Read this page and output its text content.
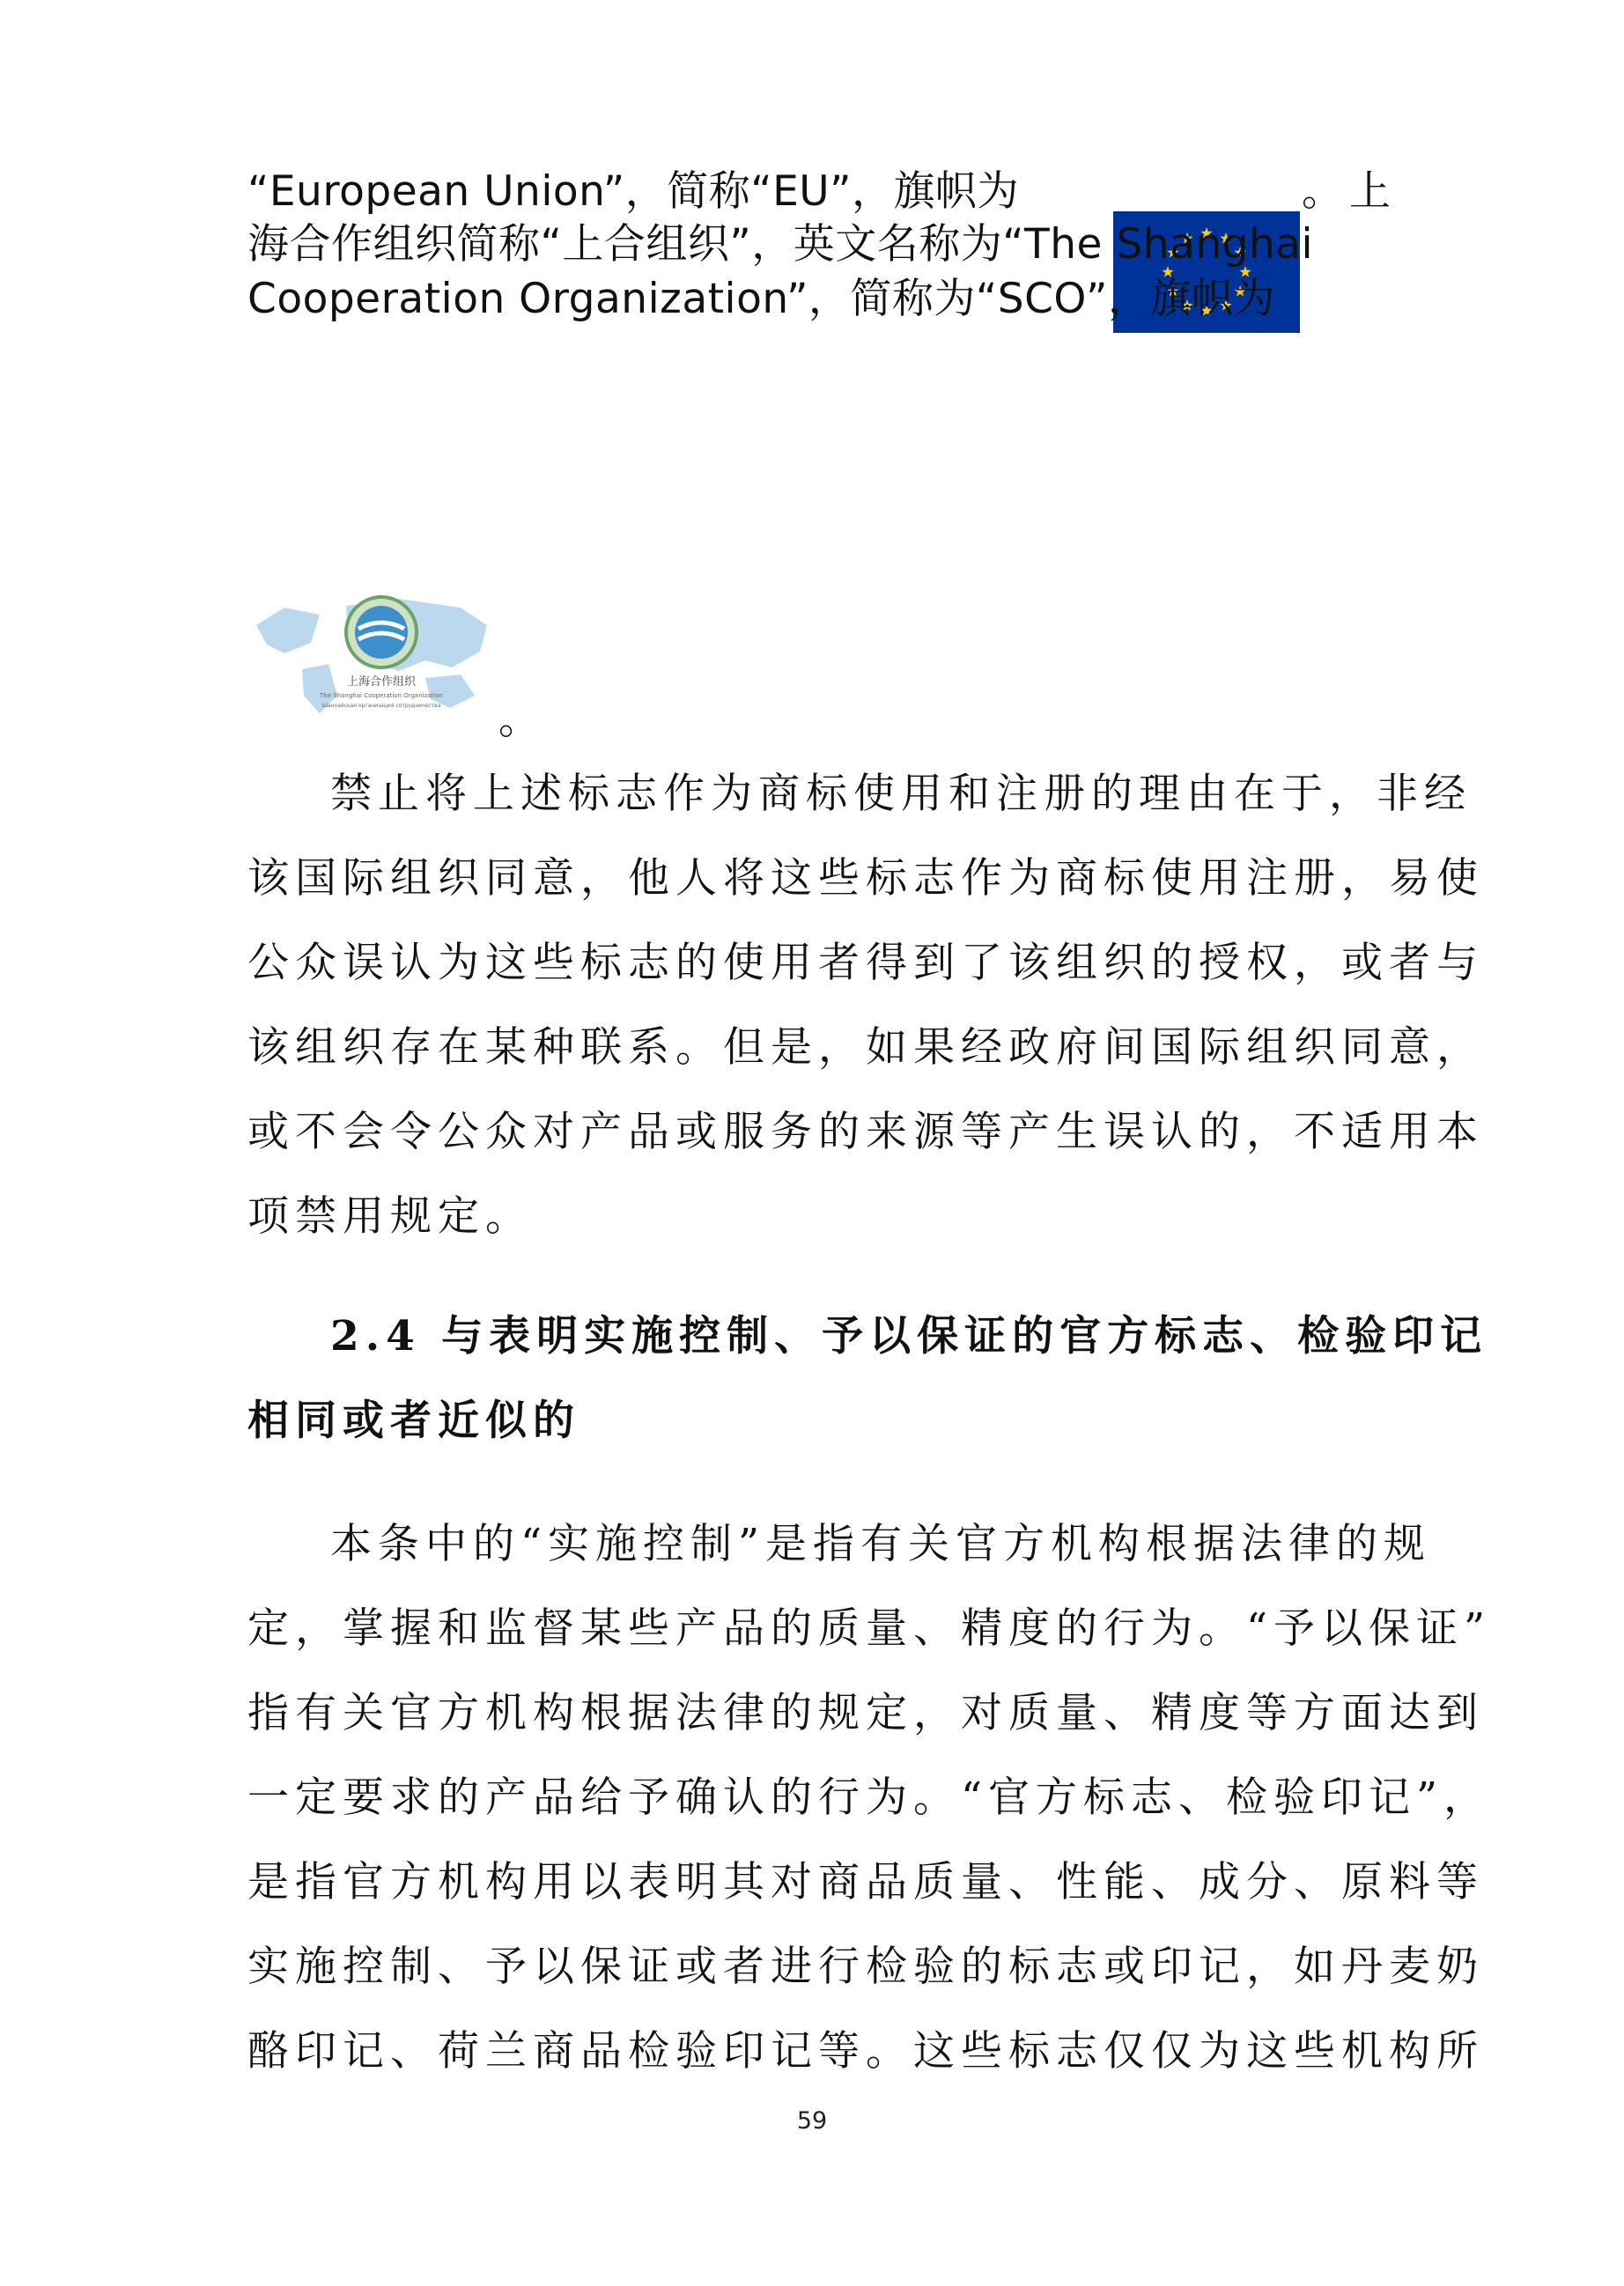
“European Union”，简称“EU”，旗帜为	。上
海合作组织简称“上合组织”，英文名称为“The Shanghai
Cooperation Organization”，简称为“SCO”，旗帜为
上海合作组织
The Shanghai Cooperation Organization
Шанхайская организация сотрудничества 。
禁止将上述标志作为商标使用和注册的理由在于，非经
该国际组织同意，他人将这些标志作为商标使用注册，易使
公众误认为这些标志的使用者得到了该组织的授权，或者与
该组织存在某种联系。但是，如果经政府间国际组织同意，
或不会令公众对产品或服务的来源等产生误认的，不适用本
项禁用规定。
2.4 与表明实施控制、予以保证的官方标志、检验印记
相同或者近似的
本条中的“实施控制”是指有关官方机构根据法律的规
定，掌握和监督某些产品的质量、精度的行为。“予以保证”
指有关官方机构根据法律的规定，对质量、精度等方面达到
一定要求的产品给予确认的行为。“官方标志、检验印记”，
是指官方机构用以表明其对商品质量、性能、成分、原料等
实施控制、予以保证或者进行检验的标志或印记，如丹麦奶
酪印记、荷兰商品检验印记等。这些标志仅仅为这些机构所
59
